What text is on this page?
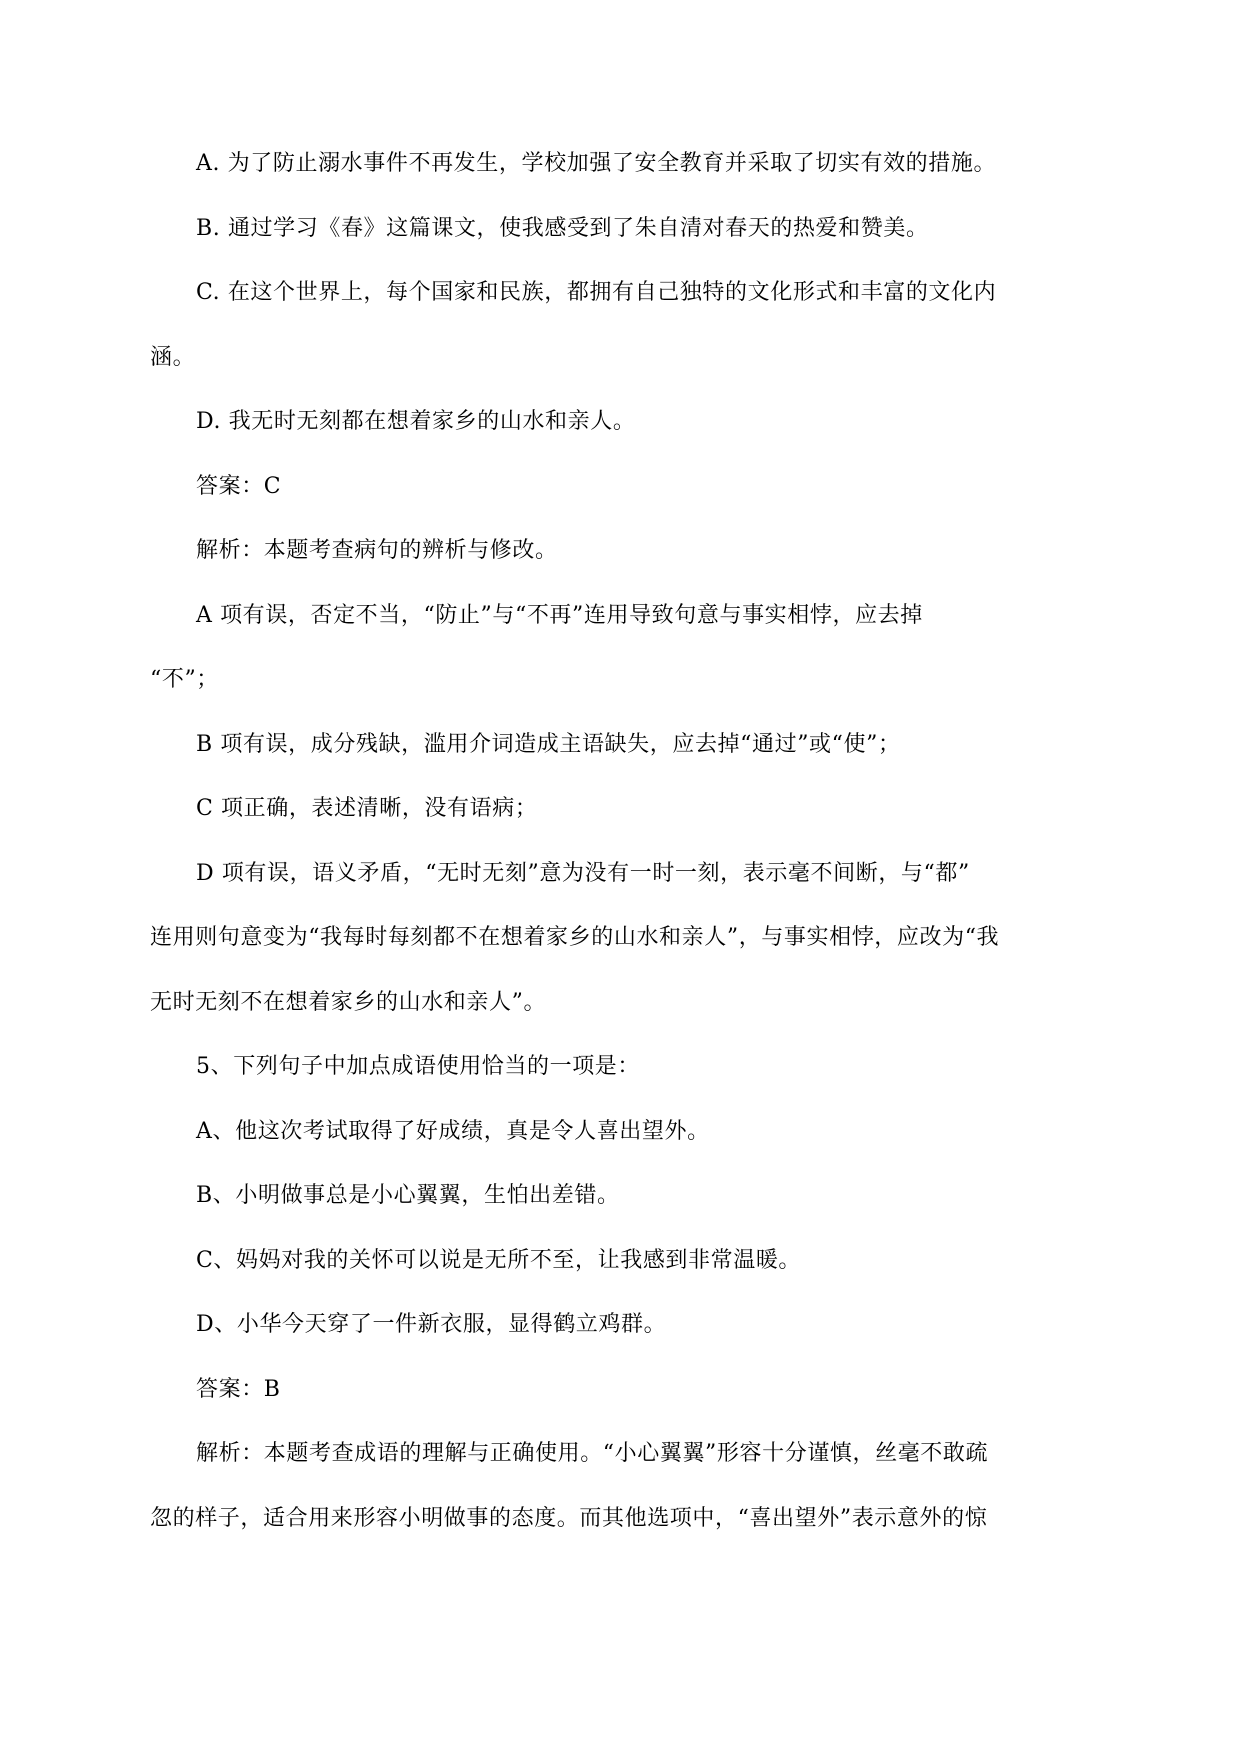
A. 为了防止溺水事件不再发生，学校加强了安全教育并采取了切实有效的措施。
B. 通过学习《春》这篇课文，使我感受到了朱自清对春天的热爱和赞美。
C. 在这个世界上，每个国家和民族，都拥有自己独特的文化形式和丰富的文化内
涵。
D. 我无时无刻都在想着家乡的山水和亲人。
答案：C
解析：本题考查病句的辨析与修改。
A 项有误，否定不当，“防止”与“不再”连用导致句意与事实相悖，应去掉
“不”；
B 项有误，成分残缺，滥用介词造成主语缺失，应去掉“通过”或“使”；
C 项正确，表述清晰，没有语病；
D 项有误，语义矛盾，“无时无刻”意为没有一时一刻，表示毫不间断，与“都”
连用则句意变为“我每时每刻都不在想着家乡的山水和亲人”，与事实相悖，应改为“我
无时无刻不在想着家乡的山水和亲人”。
5、下列句子中加点成语使用恰当的一项是：
A、他这次考试取得了好成绩，真是令人喜出望外。
B、小明做事总是小心翼翼，生怕出差错。
C、妈妈对我的关怀可以说是无所不至，让我感到非常温暖。
D、小华今天穿了一件新衣服，显得鹤立鸡群。
答案：B
解析：本题考查成语的理解与正确使用。“小心翼翼”形容十分谨慎，丝毫不敢疏
忽的样子，适合用来形容小明做事的态度。而其他选项中，“喜出望外”表示意外的惊
